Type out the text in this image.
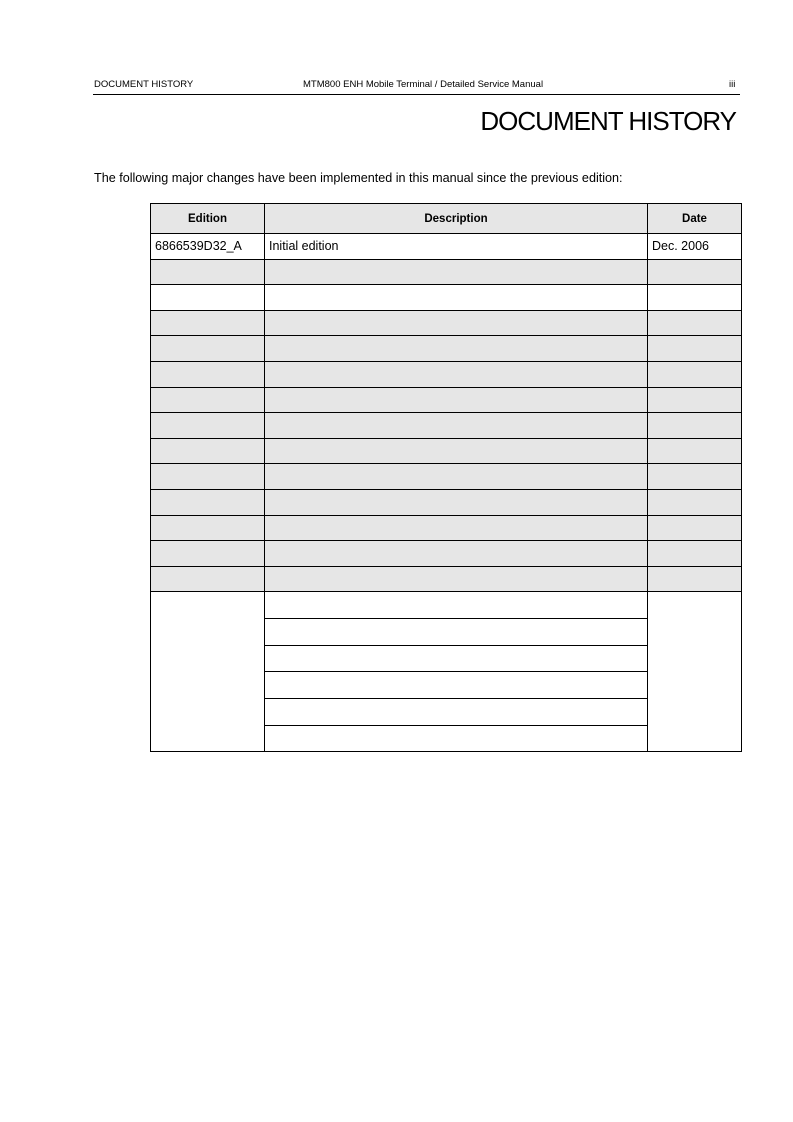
DOCUMENT HISTORY	MTM800 ENH Mobile Terminal / Detailed Service Manual	iii
DOCUMENT HISTORY
The following major changes have been implemented in this manual since the previous edition:
Edition	Description	Date
6866539D32_A	Initial edition	Dec. 2006
